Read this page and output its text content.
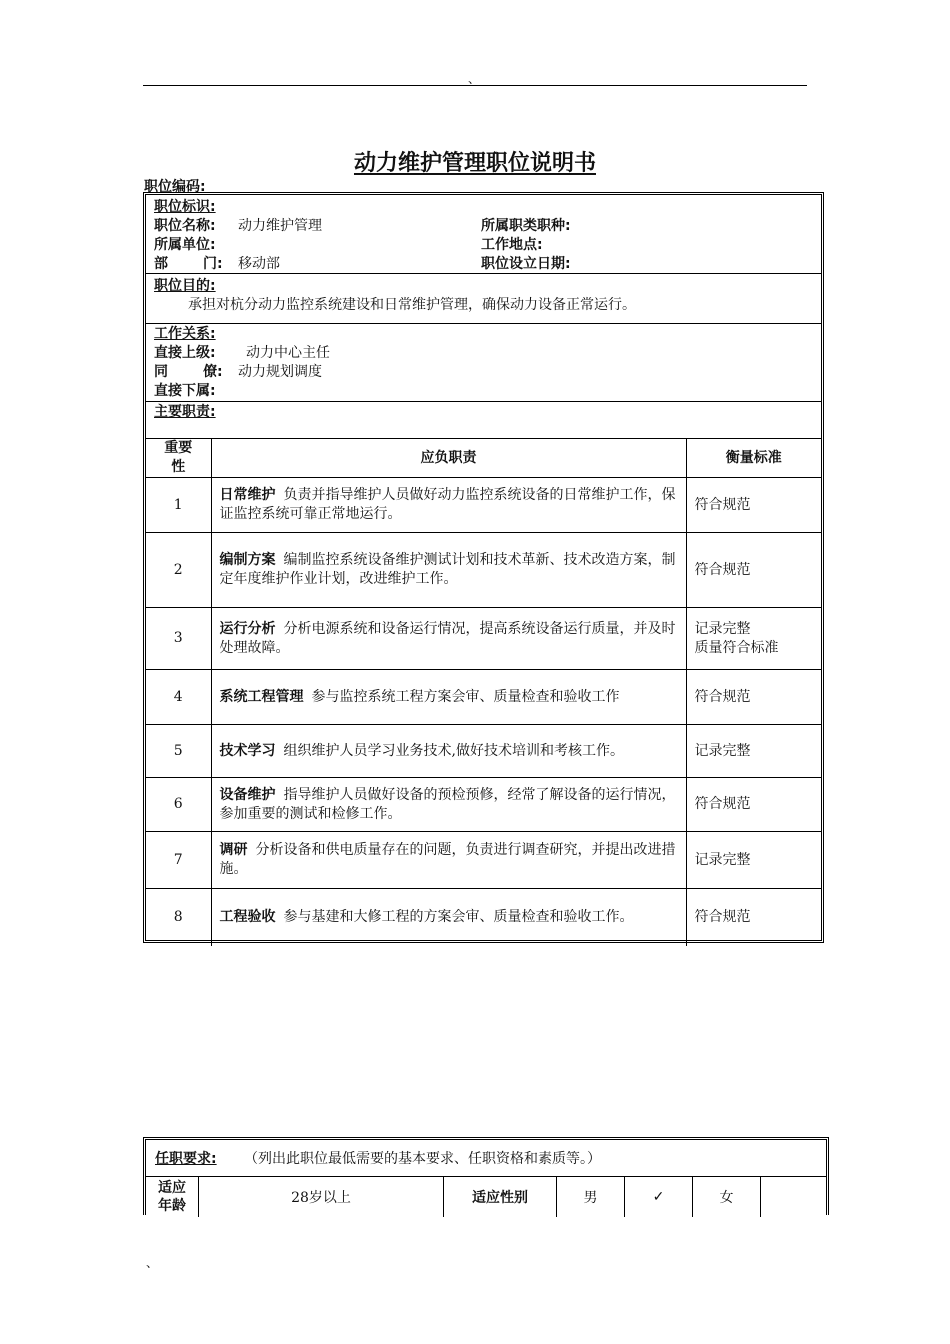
、
动力维护管理职位说明书
职位编码:
职位标识:
职位名称: 动力维护管理	所属职类职种:
所属单位:	工作地点:
部	门: 移动部	职位设立日期:
职位目的:
承担对杭分动力监控系统建设和日常维护管理，确保动力设备正常运行。
工作关系:
直接上级: 动力中心主任
同	僚: 动力规划调度
直接下属:
主要职责:
重要性	应负职责	衡量标准
1	日常维护 负责并指导维护人员做好动力监控系统设备的日常维护工作，保证监控系统可靠正常地运行。	符合规范
2	编制方案 编制监控系统设备维护测试计划和技术革新、技术改造方案，制定年度维护作业计划，改进维护工作。	符合规范
3	运行分析 分析电源系统和设备运行情况，提高系统设备运行质量，并及时处理故障。	记录完整
质量符合标准
4	系统工程管理 参与监控系统工程方案会审、质量检查和验收工作	符合规范
5	技术学习 组织维护人员学习业务技术,做好技术培训和考核工作。	记录完整
6	设备维护 指导维护人员做好设备的预检预修，经常了解设备的运行情况，参加重要的测试和检修工作。	符合规范
7	调研 分析设备和供电质量存在的问题，负责进行调查研究，并提出改进措施。	记录完整
8	工程验收 参与基建和大修工程的方案会审、质量检查和验收工作。	符合规范
任职要求: （列出此职位最低需要的基本要求、任职资格和素质等。）
适应年龄	28岁以上	适应性别	男	✓	女
、
